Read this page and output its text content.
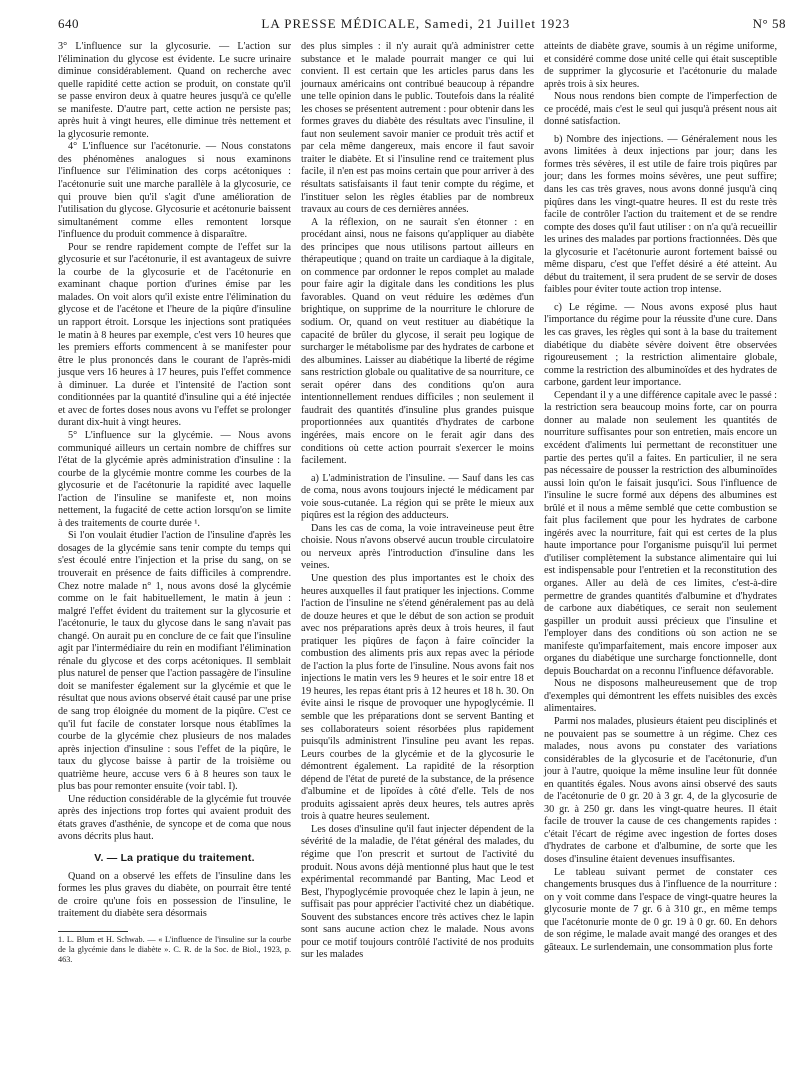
640	LA PRESSE MÉDICALE, Samedi, 21 Juillet 1923	N° 58

3° L'influence sur la glycosurie. — L'action sur l'élimination du glycose est évidente. Le sucre urinaire diminue considérablement. Quand on recherche avec quelle rapidité cette action se produit, on constate qu'il se passe environ deux à quatre heures jusqu'à ce qu'elle se manifeste. D'autre part, cette action ne persiste pas; après huit à vingt heures, elle diminue très nettement et la glycosurie remonte.

4° L'influence sur l'acétonurie. — Nous constatons des phénomènes analogues si nous examinons l'influence sur l'élimination des corps acétoniques : l'acétonurie suit une marche parallèle à la glycosurie, ce qui prouve bien qu'il s'agit d'une amélioration de l'utilisation du glycose. Glycosurie et acétonurie baissent simultanément comme elles remontent lorsque l'influence du produit commence à disparaître.

Pour se rendre rapidement compte de l'effet sur la glycosurie et sur l'acétonurie, il est avantageux de suivre la courbe de la glycosurie et de l'acétonurie en examinant chaque portion d'urines émise par les malades. On voit alors qu'il existe entre l'élimination du glycose et de l'acétone et l'heure de la piqûre d'insuline un rapport étroit. Lorsque les injections sont pratiquées le matin à 8 heures par exemple, c'est vers 10 heures que les premiers efforts commencent à se manifester pour être le plus prononcés dans le courant de l'après-midi jusque vers 16 heures à 17 heures, puis l'effet commence à diminuer. La durée et l'intensité de l'action sont conditionnées par la quantité d'insuline qui a été injectée et avec de fortes doses nous avons vu l'effet se prolonger durant dix-huit à vingt heures.

5° L'influence sur la glycémie. — Nous avons communiqué ailleurs un certain nombre de chiffres sur l'état de la glycémie après administration d'insuline : la courbe de la glycémie montre comme les courbes de la glycosurie et de l'acétonurie la rapidité avec laquelle l'action de l'insuline se manifeste et, non moins nettement, la fugacité de cette action lorsqu'on se limite à des traitements de courte durée ¹.

Si l'on voulait étudier l'action de l'insuline d'après les dosages de la glycémie sans tenir compte du temps qui s'est écoulé entre l'injection et la prise du sang, on se trouverait en présence de faits difficiles à comprendre. Chez notre malade n° 1, nous avons dosé la glycémie comme on le fait habituellement, le matin à jeun : malgré l'effet évident du traitement sur la glycosurie et l'acétonurie, le taux du glycose dans le sang n'avait pas changé. On aurait pu en conclure de ce fait que l'insuline agit par l'intermédiaire du rein en modifiant l'élimination rénale du glycose et des corps acétoniques. Il semblait plus naturel de penser que l'action passagère de l'insuline doit se manifester également sur la glycémie et que le résultat que nous avions observé était causé par une prise de sang trop éloignée du moment de la piqûre. C'est ce qu'il fut facile de constater lorsque nous établîmes la courbe de la glycémie chez plusieurs de nos malades après injection d'insuline : sous l'effet de la piqûre, le taux du glycose baisse à partir de la troisième ou quatrième heure, accuse vers 6 à 8 heures son taux le plus bas pour remonter ensuite (voir tabl. I).

Une réduction considérable de la glycémie fut trouvée après des injections trop fortes qui avaient produit des états graves d'asthénie, de syncope et de coma que nous avons décrits plus haut.

V. — La pratique du traitement.

Quand on a observé les effets de l'insuline dans les formes les plus graves du diabète, on pourrait être tenté de croire qu'une fois en possession de l'insuline, le traitement du diabète sera désormais

1. L. Blum et H. Schwab. — « L'influence de l'insuline sur la courbe de la glycémie dans le diabète ». C. R. de la Soc. de Biol., 1923, p. 463.

des plus simples : il n'y aurait qu'à administrer cette substance et le malade pourrait manger ce qui lui convient. Il est certain que les articles parus dans les journaux américains ont contribué beaucoup à répandre une telle opinion dans le public. Toutefois dans la réalité les choses se présentent autrement : pour obtenir dans les formes graves du diabète des résultats avec l'insuline, il faut non seulement savoir manier ce produit très actif et par cela même dangereux, mais encore il faut savoir traiter le diabète. Et si l'insuline rend ce traitement plus facile, il n'en est pas moins certain que pour arriver à des résultats satisfaisants il faut tenir compte du régime, et l'instituer selon les règles établies par de nombreux travaux au cours de ces dernières années.

A la réflexion, on ne saurait s'en étonner : en procédant ainsi, nous ne faisons qu'appliquer au diabète des principes que nous utilisons partout ailleurs en thérapeutique ; quand on traite un cardiaque à la digitale, on commence par ordonner le repos complet au malade pour faire agir la digitale dans les conditions les plus favorables. Quand on veut réduire les œdèmes d'un brightique, on supprime de la nourriture le chlorure de sodium. Or, quand on veut restituer au diabétique la capacité de brûler du glycose, il serait peu logique de surcharger le métabolisme par des hydrates de carbone et des albumines. Laisser au diabétique la liberté de régime sans restriction globale ou qualitative de sa nourriture, ce serait opérer dans des conditions qu'on aura intentionnellement rendues difficiles ; non seulement il faudrait des quantités d'insuline plus grandes puisque proportionnées aux quantités d'hydrates de carbone ingérées, mais encore on le ferait agir dans des conditions où cette action pourrait s'exercer le moins facilement.

a) L'administration de l'insuline. — Sauf dans les cas de coma, nous avons toujours injecté le médicament par voie sous-cutanée. La région qui se prête le mieux aux piqûres est la région des adducteurs.

Dans les cas de coma, la voie intraveineuse peut être choisie. Nous n'avons observé aucun trouble circulatoire ou nerveux après l'introduction d'insuline dans les veines.

Une question des plus importantes est le choix des heures auxquelles il faut pratiquer les injections. Comme l'action de l'insuline ne s'étend généralement pas au delà de douze heures et que le début de son action se produit avec nos préparations après deux à trois heures, il faut pratiquer les piqûres de façon à faire coïncider la combustion des aliments pris aux repas avec la période de l'action la plus forte de l'insuline. Nous avons fait nos injections le matin vers les 9 heures et le soir entre 18 et 19 heures, les repas étant pris à 12 heures et 18 h. 30. On évite ainsi le risque de provoquer une hypoglycémie. Il semble que les préparations dont se servent Banting et ses collaborateurs soient résorbées plus rapidement puisqu'ils administrent l'insuline peu avant les repas. Leurs courbes de la glycémie et de la glycosurie le démontrent également. La rapidité de la résorption dépend de l'état de pureté de la substance, de la présence d'albumine et de lipoïdes à côté d'elle. Tels de nos produits agissaient après deux heures, tels autres après trois à quatre heures seulement.

Les doses d'insuline qu'il faut injecter dépendent de la sévérité de la maladie, de l'état général des malades, du régime que l'on prescrit et surtout de l'activité du produit. Nous avons déjà mentionné plus haut que le test expérimental recommandé par Banting, Mac Leod et Best, l'hypoglycémie provoquée chez le lapin à jeun, ne suffisait pas pour apprécier l'activité chez un diabétique. Souvent des substances encore très actives chez le lapin sont sans aucune action chez le malade. Nous avons pour ce motif toujours contrôlé l'activité de nos produits sur les malades

atteints de diabète grave, soumis à un régime uniforme, et considéré comme dose unité celle qui était susceptible de supprimer la glycosurie et l'acétonurie du malade après trois à six heures.

Nous nous rendons bien compte de l'imperfection de ce procédé, mais c'est le seul qui jusqu'à présent nous ait donné satisfaction.

b) Nombre des injections. — Généralement nous les avons limitées à deux injections par jour; dans les formes très sévères, il est utile de faire trois piqûres par jour; dans les formes moins sévères, une peut suffire; dans les cas très graves, nous avons donné jusqu'à cinq piqûres dans les vingt-quatre heures. Il est du reste très facile de contrôler l'action du traitement et de se rendre compte des doses qu'il faut utiliser : on n'a qu'à recueillir les urines des malades par portions fractionnées. Dès que la glycosurie et l'acétonurie auront fortement baissé ou même disparu, c'est que l'effet désiré a été atteint. Au début du traitement, il sera prudent de se servir de doses faibles pour éviter toute action trop intense.

c) Le régime. — Nous avons exposé plus haut l'importance du régime pour la réussite d'une cure. Dans les cas graves, les règles qui sont à la base du traitement diabétique du diabète sévère doivent être observées rigoureusement ; la restriction alimentaire globale, comme la restriction des albuminoïdes et des hydrates de carbone, gardent leur importance.

Cependant il y a une différence capitale avec le passé : la restriction sera beaucoup moins forte, car on pourra donner au malade non seulement les quantités de nourriture suffisantes pour son entretien, mais encore un excédent d'aliments lui permettant de reconstituer une partie des pertes qu'il a faites. En particulier, il ne sera pas nécessaire de pousser la restriction des albuminoïdes aussi loin qu'on le faisait jusqu'ici. Sous l'influence de l'insuline le sucre formé aux dépens des albumines est brûlé et il nous a même semblé que cette combustion se fait plus facilement que pour les hydrates de carbone ingérés avec la nourriture, fait qui est certes de la plus haute importance pour l'organisme puisqu'il lui permet d'utiliser complètement la substance alimentaire qui lui est indispensable pour l'entretien et la reconstitution des organes. Aller au delà de ces limites, c'est-à-dire permettre de grandes quantités d'albumine et d'hydrates de carbone aux diabétiques, ce serait non seulement gaspiller un produit aussi précieux que l'insuline et l'employer dans des conditions où son action ne se manifeste qu'imparfaitement, mais encore imposer aux organes du diabétique une surcharge fonctionnelle, dont depuis Bouchardat on a reconnu l'influence défavorable.

Nous ne disposons malheureusement que de trop d'exemples qui démontrent les effets nuisibles des excès alimentaires.

Parmi nos malades, plusieurs étaient peu disciplinés et ne pouvaient pas se soumettre à un régime. Chez ces malades, nous avons pu constater des variations considérables de la glycosurie et de l'acétonurie, d'un jour à l'autre, quoique la même insuline leur fût donnée en quantités égales. Nous avons ainsi observé des sauts de l'acétonurie de 0 gr. 20 à 3 gr. 4, de la glycosurie de 30 gr. à 250 gr. dans les vingt-quatre heures. Il était facile de trouver la cause de ces changements rapides : c'était l'écart de régime avec ingestion de fortes doses d'hydrates de carbone et d'albumine, de sorte que les doses d'insuline étaient devenues insuffisantes.

Le tableau suivant permet de constater ces changements brusques dus à l'influence de la nourriture : on y voit comme dans l'espace de vingt-quatre heures la glycosurie monte de 7 gr. 6 à 310 gr., en même temps que l'acétonurie monte de 0 gr. 19 à 0 gr. 60. En dehors de son régime, le malade avait mangé des oranges et des gâteaux. Le surlendemain, une consommation plus forte
